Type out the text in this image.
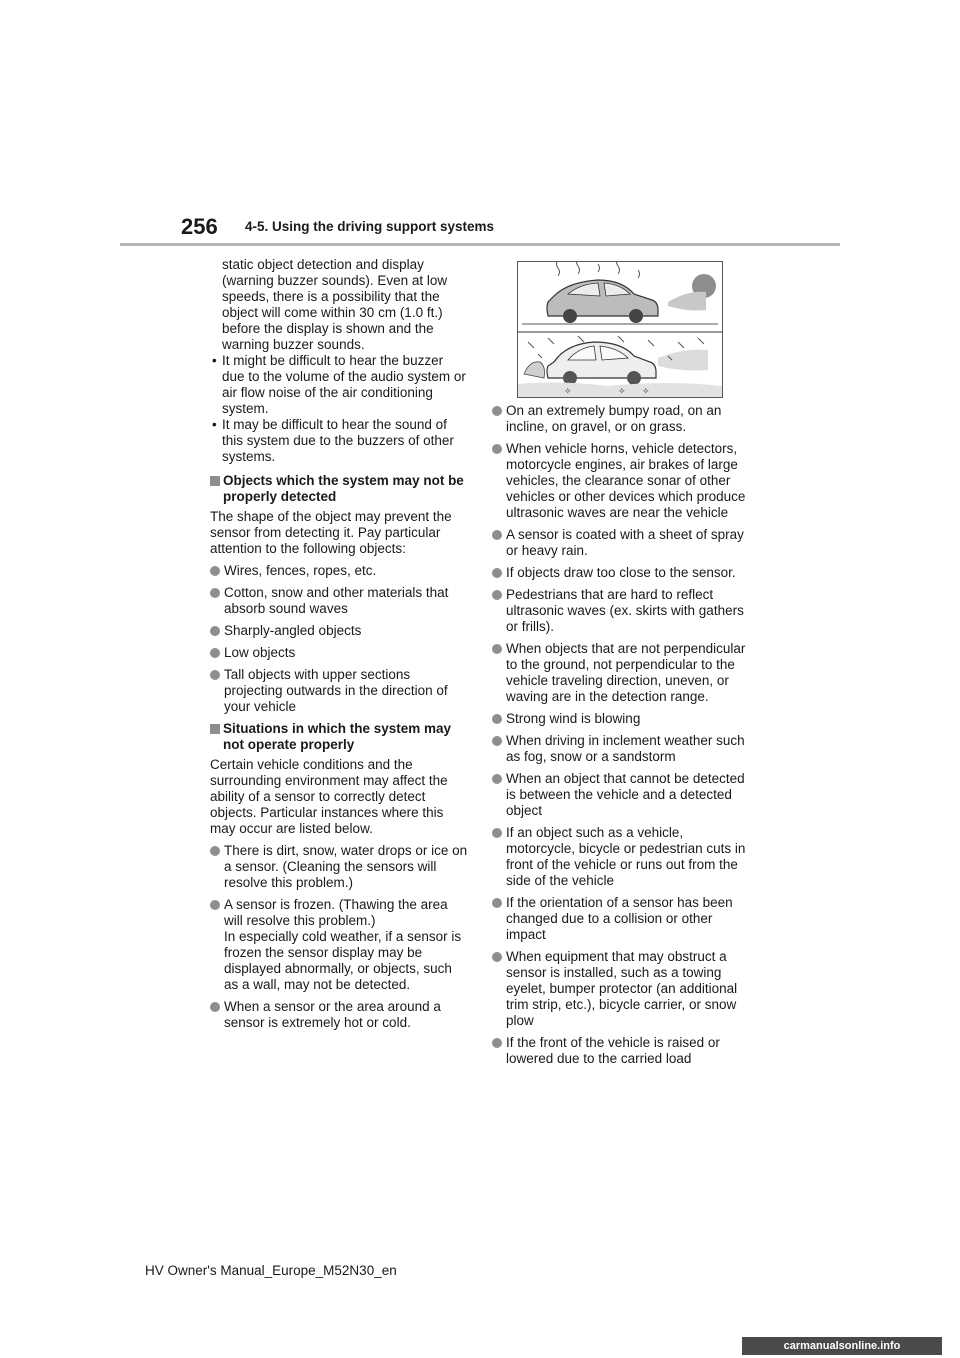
256 4-5. Using the driving support systems

static object detection and display (warning buzzer sounds). Even at low speeds, there is a possibility that the object will come within 30 cm (1.0 ft.) before the display is shown and the warning buzzer sounds.

• It might be difficult to hear the buzzer due to the volume of the audio system or air flow noise of the air conditioning system.

• It may be difficult to hear the sound of this system due to the buzzers of other systems.

Objects which the system may not be properly detected

The shape of the object may prevent the sensor from detecting it. Pay particular attention to the following objects:

Wires, fences, ropes, etc.

Cotton, snow and other materials that absorb sound waves

Sharply-angled objects

Low objects

Tall objects with upper sections projecting outwards in the direction of your vehicle

Situations in which the system may not operate properly

Certain vehicle conditions and the surrounding environment may affect the ability of a sensor to correctly detect objects. Particular instances where this may occur are listed below.

There is dirt, snow, water drops or ice on a sensor. (Cleaning the sensors will resolve this problem.)

A sensor is frozen. (Thawing the area will resolve this problem.)
In especially cold weather, if a sensor is frozen the sensor display may be displayed abnormally, or objects, such as a wall, may not be detected.

When a sensor or the area around a sensor is extremely hot or cold.

✧	✧ ✧

On an extremely bumpy road, on an incline, on gravel, or on grass.

When vehicle horns, vehicle detectors, motorcycle engines, air brakes of large vehicles, the clearance sonar of other vehicles or other devices which produce ultrasonic waves are near the vehicle

A sensor is coated with a sheet of spray or heavy rain.

If objects draw too close to the sensor.

Pedestrians that are hard to reflect ultrasonic waves (ex. skirts with gathers or frills).

When objects that are not perpendicular to the ground, not perpendicular to the vehicle traveling direction, uneven, or waving are in the detection range.

Strong wind is blowing

When driving in inclement weather such as fog, snow or a sandstorm

When an object that cannot be detected is between the vehicle and a detected object

If an object such as a vehicle, motorcycle, bicycle or pedestrian cuts in front of the vehicle or runs out from the side of the vehicle

If the orientation of a sensor has been changed due to a collision or other impact

When equipment that may obstruct a sensor is installed, such as a towing eyelet, bumper protector (an additional trim strip, etc.), bicycle carrier, or snow plow

If the front of the vehicle is raised or lowered due to the carried load

HV Owner's Manual_Europe_M52N30_en
carmanualsonline.info
